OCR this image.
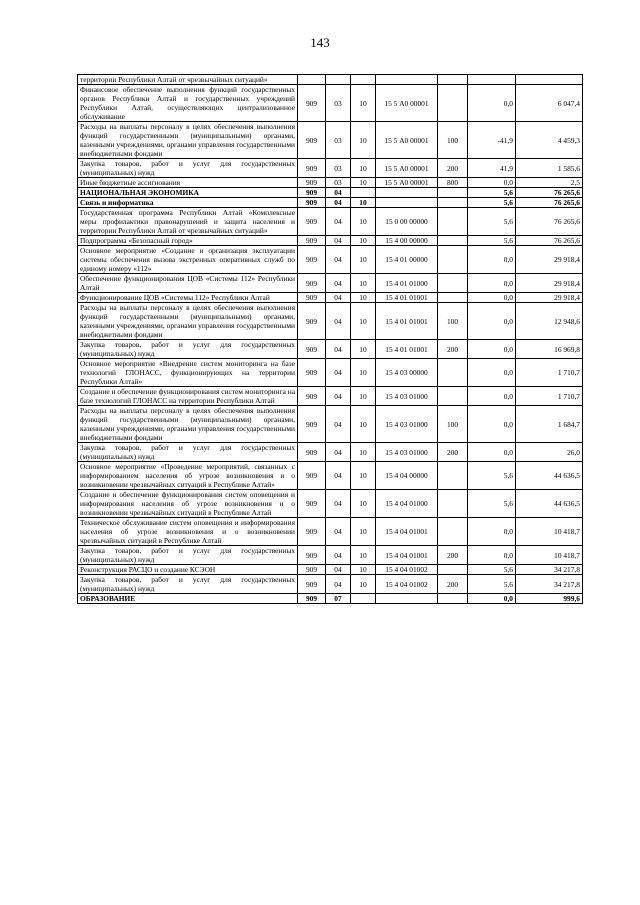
143
территории Республики Алтай от чрезвычайных ситуаций»							
Финансовое обеспечение выполнения функций государственных органов Республики Алтай и государственных учреждений Республики Алтай, осуществляющих централизованное обслуживание	909	03	10	15 5 А0 00001		0,0	6 047,4
Расходы на выплаты персоналу в целях обеспечения выполнения функций государственными (муниципальными) органами, казенными учреждениями, органами управления государственными внебюджетными фондами	909	03	10	15 5 А0 00001	100	-41,9	4 459,3
Закупка товаров, работ и услуг для государственных (муниципальных) нужд	909	03	10	15 5 А0 00001	200	41,9	1 585,6
Иные бюджетные ассигнования	909	03	10	15 5 А0 00001	800	0,0	2,5
НАЦИОНАЛЬНАЯ ЭКОНОМИКА	909	04				5,6	76 265,6
Связь и информатика	909	04	10			5,6	76 265,6
Государственная программа Республики Алтай «Комплексные меры профилактики правонарушений и защита населения и территории Республики Алтай от чрезвычайных ситуаций»	909	04	10	15 0 00 00000		5,6	76 265,6
Подпрограмма «Безопасный город»	909	04	10	15 4 00 00000		5,6	76 265,6
Основное мероприятие «Создание и организация эксплуатации системы обеспечения вызова экстренных оперативных служб по единому номеру «112»	909	04	10	15 4 01 00000		0,0	29 918,4
Обеспечение функционирования ЦОВ «Системы 112» Республики Алтай	909	04	10	15 4 01 01000		0,0	29 918,4
Функционирование ЦОВ «Системы 112» Республики Алтай	909	04	10	15 4 01 01001		0,0	29 918,4
Расходы на выплаты персоналу в целях обеспечения выполнения функций государственными (муниципальными) органами, казенными учреждениями, органами управления государственными внебюджетными фондами	909	04	10	15 4 01 01001	100	0,0	12 948,6
Закупка товаров, работ и услуг для государственных (муниципальных) нужд	909	04	10	15 4 01 01001	200	0,0	16 969,8
Основное мероприятие «Внедрение систем мониторинга на базе технологий ГЛОНАСС, функционирующих на территории Республики Алтай»	909	04	10	15 4 03 00000		0,0	1 710,7
Создание и обеспечение функционирования систем мониторинга на базе технологий ГЛОНАСС на территории Республики Алтай	909	04	10	15 4 03 01000		0,0	1 710,7
Расходы на выплаты персоналу в целях обеспечения выполнения функций государственными (муниципальными) органами, казенными учреждениями, органами управления государственными внебюджетными фондами	909	04	10	15 4 03 01000	100	0,0	1 684,7
Закупка товаров, работ и услуг для государственных (муниципальных) нужд	909	04	10	15 4 03 01000	200	0,0	26,0
Основное мероприятие «Проведение мероприятий, связанных с информированием населения об угрозе возникновения и о возникновении чрезвычайных ситуаций в Республике Алтай»	909	04	10	15 4 04 00000		5,6	44 636,5
Создание и обеспечение функционирования систем оповещения и информирования населения об угрозе возникновения и о возникновении чрезвычайных ситуаций в Республике Алтай	909	04	10	15 4 04 01000		5,6	44 636,5
Техническое обслуживание систем оповещения и информирования населения об угрозе возникновения и о возникновении чрезвычайных ситуаций в Республике Алтай	909	04	10	15 4 04 01001		0,0	10 418,7
Закупка товаров, работ и услуг для государственных (муниципальных) нужд	909	04	10	15 4 04 01001	200	0,0	10 418,7
Реконструкция РАСЦО и создание КСЭОН	909	04	10	15 4 04 01002		5,6	34 217,8
Закупка товаров, работ и услуг для государственных (муниципальных) нужд	909	04	10	15 4 04 01002	200	5,6	34 217,8
ОБРАЗОВАНИЕ	909	07				0,0	999,6
